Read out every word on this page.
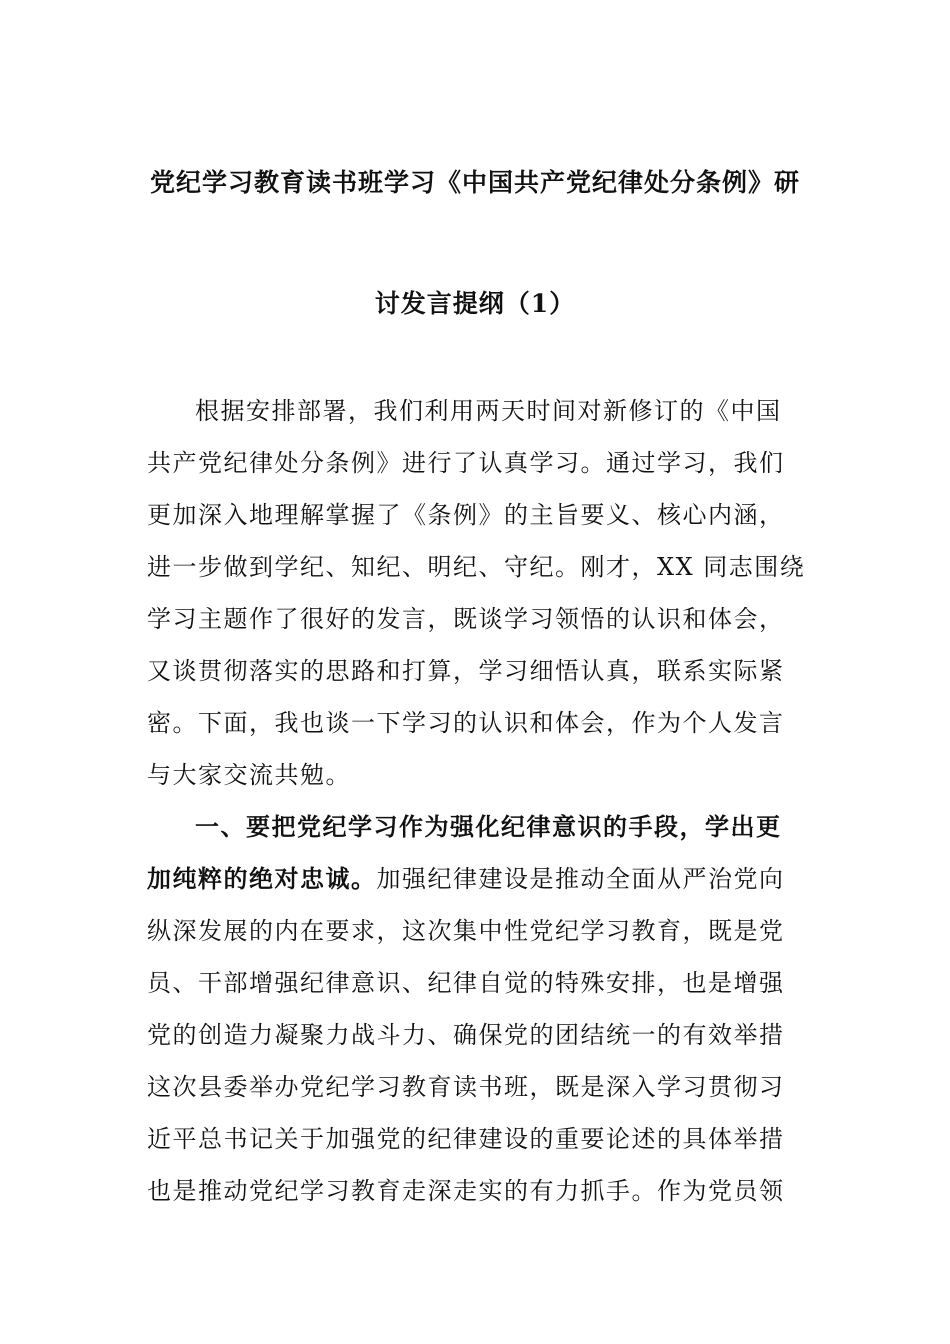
党纪学习教育读书班学习《中国共产党纪律处分条例》研
讨发言提纲（1）
根据安排部署，我们利用两天时间对新修订的《中国
共产党纪律处分条例》进行了认真学习。通过学习，我们
更加深入地理解掌握了《条例》的主旨要义、核心内涵，
进一步做到学纪、知纪、明纪、守纪。刚才，XX 同志围绕
学习主题作了很好的发言，既谈学习领悟的认识和体会，
又谈贯彻落实的思路和打算，学习细悟认真，联系实际紧
密。下面，我也谈一下学习的认识和体会，作为个人发言
与大家交流共勉。
一、要把党纪学习作为强化纪律意识的手段，学出更
加纯粹的绝对忠诚。加强纪律建设是推动全面从严治党向
纵深发展的内在要求，这次集中性党纪学习教育，既是党
员、干部增强纪律意识、纪律自觉的特殊安排，也是增强
党的创造力凝聚力战斗力、确保党的团结统一的有效举措
这次县委举办党纪学习教育读书班，既是深入学习贯彻习
近平总书记关于加强党的纪律建设的重要论述的具体举措
也是推动党纪学习教育走深走实的有力抓手。作为党员领
